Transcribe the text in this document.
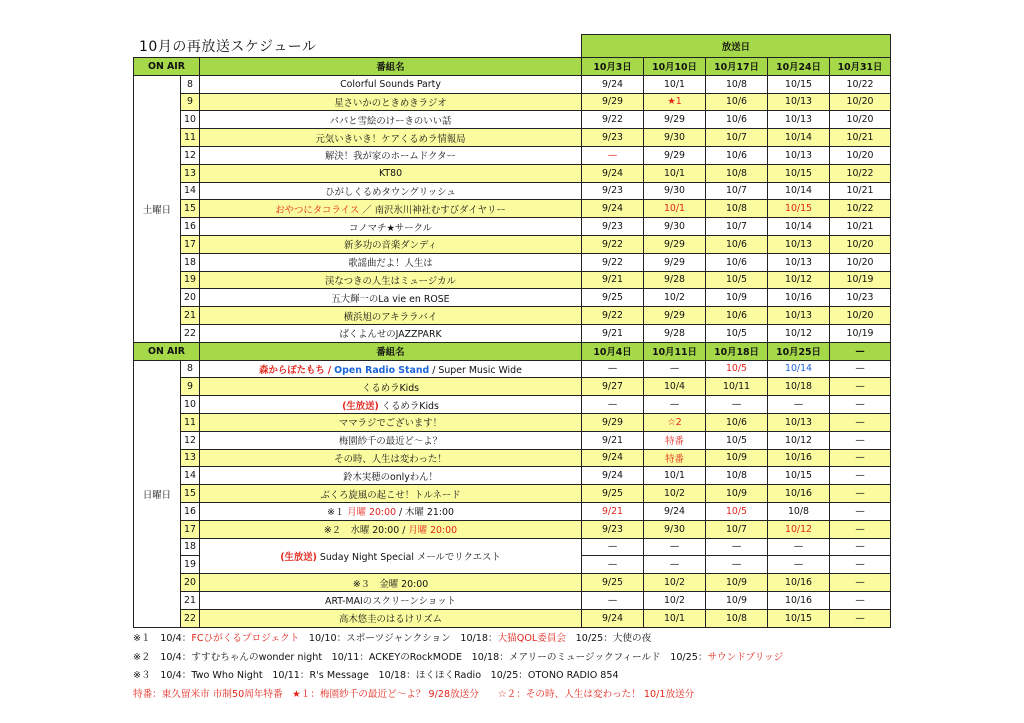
10月の再放送スケジュール
			放送日				
ON AIR		番組名	10月3日	10月10日	10月17日	10月24日	10月31日
土曜日	8	Colorful Sounds Party	9/24	10/1	10/8	10/15	10/22
	9	星さいかのときめきラジオ	9/29	★1	10/6	10/13	10/20
	10	パパと雪絵のけーきのいい話	9/22	9/29	10/6	10/13	10/20
	11	元気いきいき！ケアくるめラ情報局	9/23	9/30	10/7	10/14	10/21
	12	解決！我が家のホームドクター	—	9/29	10/6	10/13	10/20
	13	KT80	9/24	10/1	10/8	10/15	10/22
	14	ひがしくるめタウングリッシュ	9/23	9/30	10/7	10/14	10/21
	15	おやつにタコライス ／ 南沢氷川神社むすびダイヤリー	9/24	10/1	10/8	10/15	10/22
	16	コノマチ★サークル	9/23	9/30	10/7	10/14	10/21
	17	新多功の音楽ダンディ	9/22	9/29	10/6	10/13	10/20
	18	歌謡曲だよ！人生は	9/22	9/29	10/6	10/13	10/20
	19	渓なつきの人生はミュージカル	9/21	9/28	10/5	10/12	10/19
	20	五大輝一のLa vie en ROSE	9/25	10/2	10/9	10/16	10/23
	21	横浜旭のアキララバイ	9/22	9/29	10/6	10/13	10/20
	22	ばくよんせのJAZZPARK	9/21	9/28	10/5	10/12	10/19
ON AIR		番組名	10月4日	10月11日	10月18日	10月25日	—
日曜日	8	森からぽたもち / Open Radio Stand / Super Music Wide	—	—	10/5	10/14	—
	9	くるめラKids	9/27	10/4	10/11	10/18	—
	10	(生放送) くるめラKids	—	—	—	—	—
	11	ママラジでございます！	9/29	☆2	10/6	10/13	—
	12	梅園紗千の最近ど〜よ？	9/21	特番	10/5	10/12	—
	13	その時、人生は変わった！	9/24	特番	10/9	10/16	—
	14	鈴木実穂のonlyわん！	9/24	10/1	10/8	10/15	—
	15	ぶくろ旋風の起こせ！トルネード	9/25	10/2	10/9	10/16	—
	16	※１ 月曜 20:00 / 木曜 21:00	9/21	9/24	10/5	10/8	—
	17	※２　水曜 20:00 / 月曜 20:00	9/23	9/30	10/7	10/12	—
	18	(生放送) Suday Night Special メールでリクエスト	—	—	—	—	—
	19		—	—	—	—	—
	20	※３　金曜 20:00	9/25	10/2	10/9	10/16	—
	21	ART-MAIのスクリーンショット	—	10/2	10/9	10/16	—
	22	高木悠圭のはるけリズム	9/24	10/1	10/8	10/15	—
※１　10/4：FCひがくるプロジェクト　10/10：スポーツジャンクション　10/18：大猫QOL委員会　10/25：大使の夜
※２　10/4：すすむちゃんのwonder night　10/11：ACKEYのRockMODE　10/18：メアリーのミュージックフィールド　10/25：サウンドブリッジ
※３　10/4：Two Who Night　10/11：R's Message　10/18：ほくほくRadio　10/25：OTONO RADIO 854
特番：東久留米市 市制50周年特番　★１：梅園紗千の最近ど〜よ？ 9/28放送分　　☆２：その時、人生は変わった！ 10/1放送分
